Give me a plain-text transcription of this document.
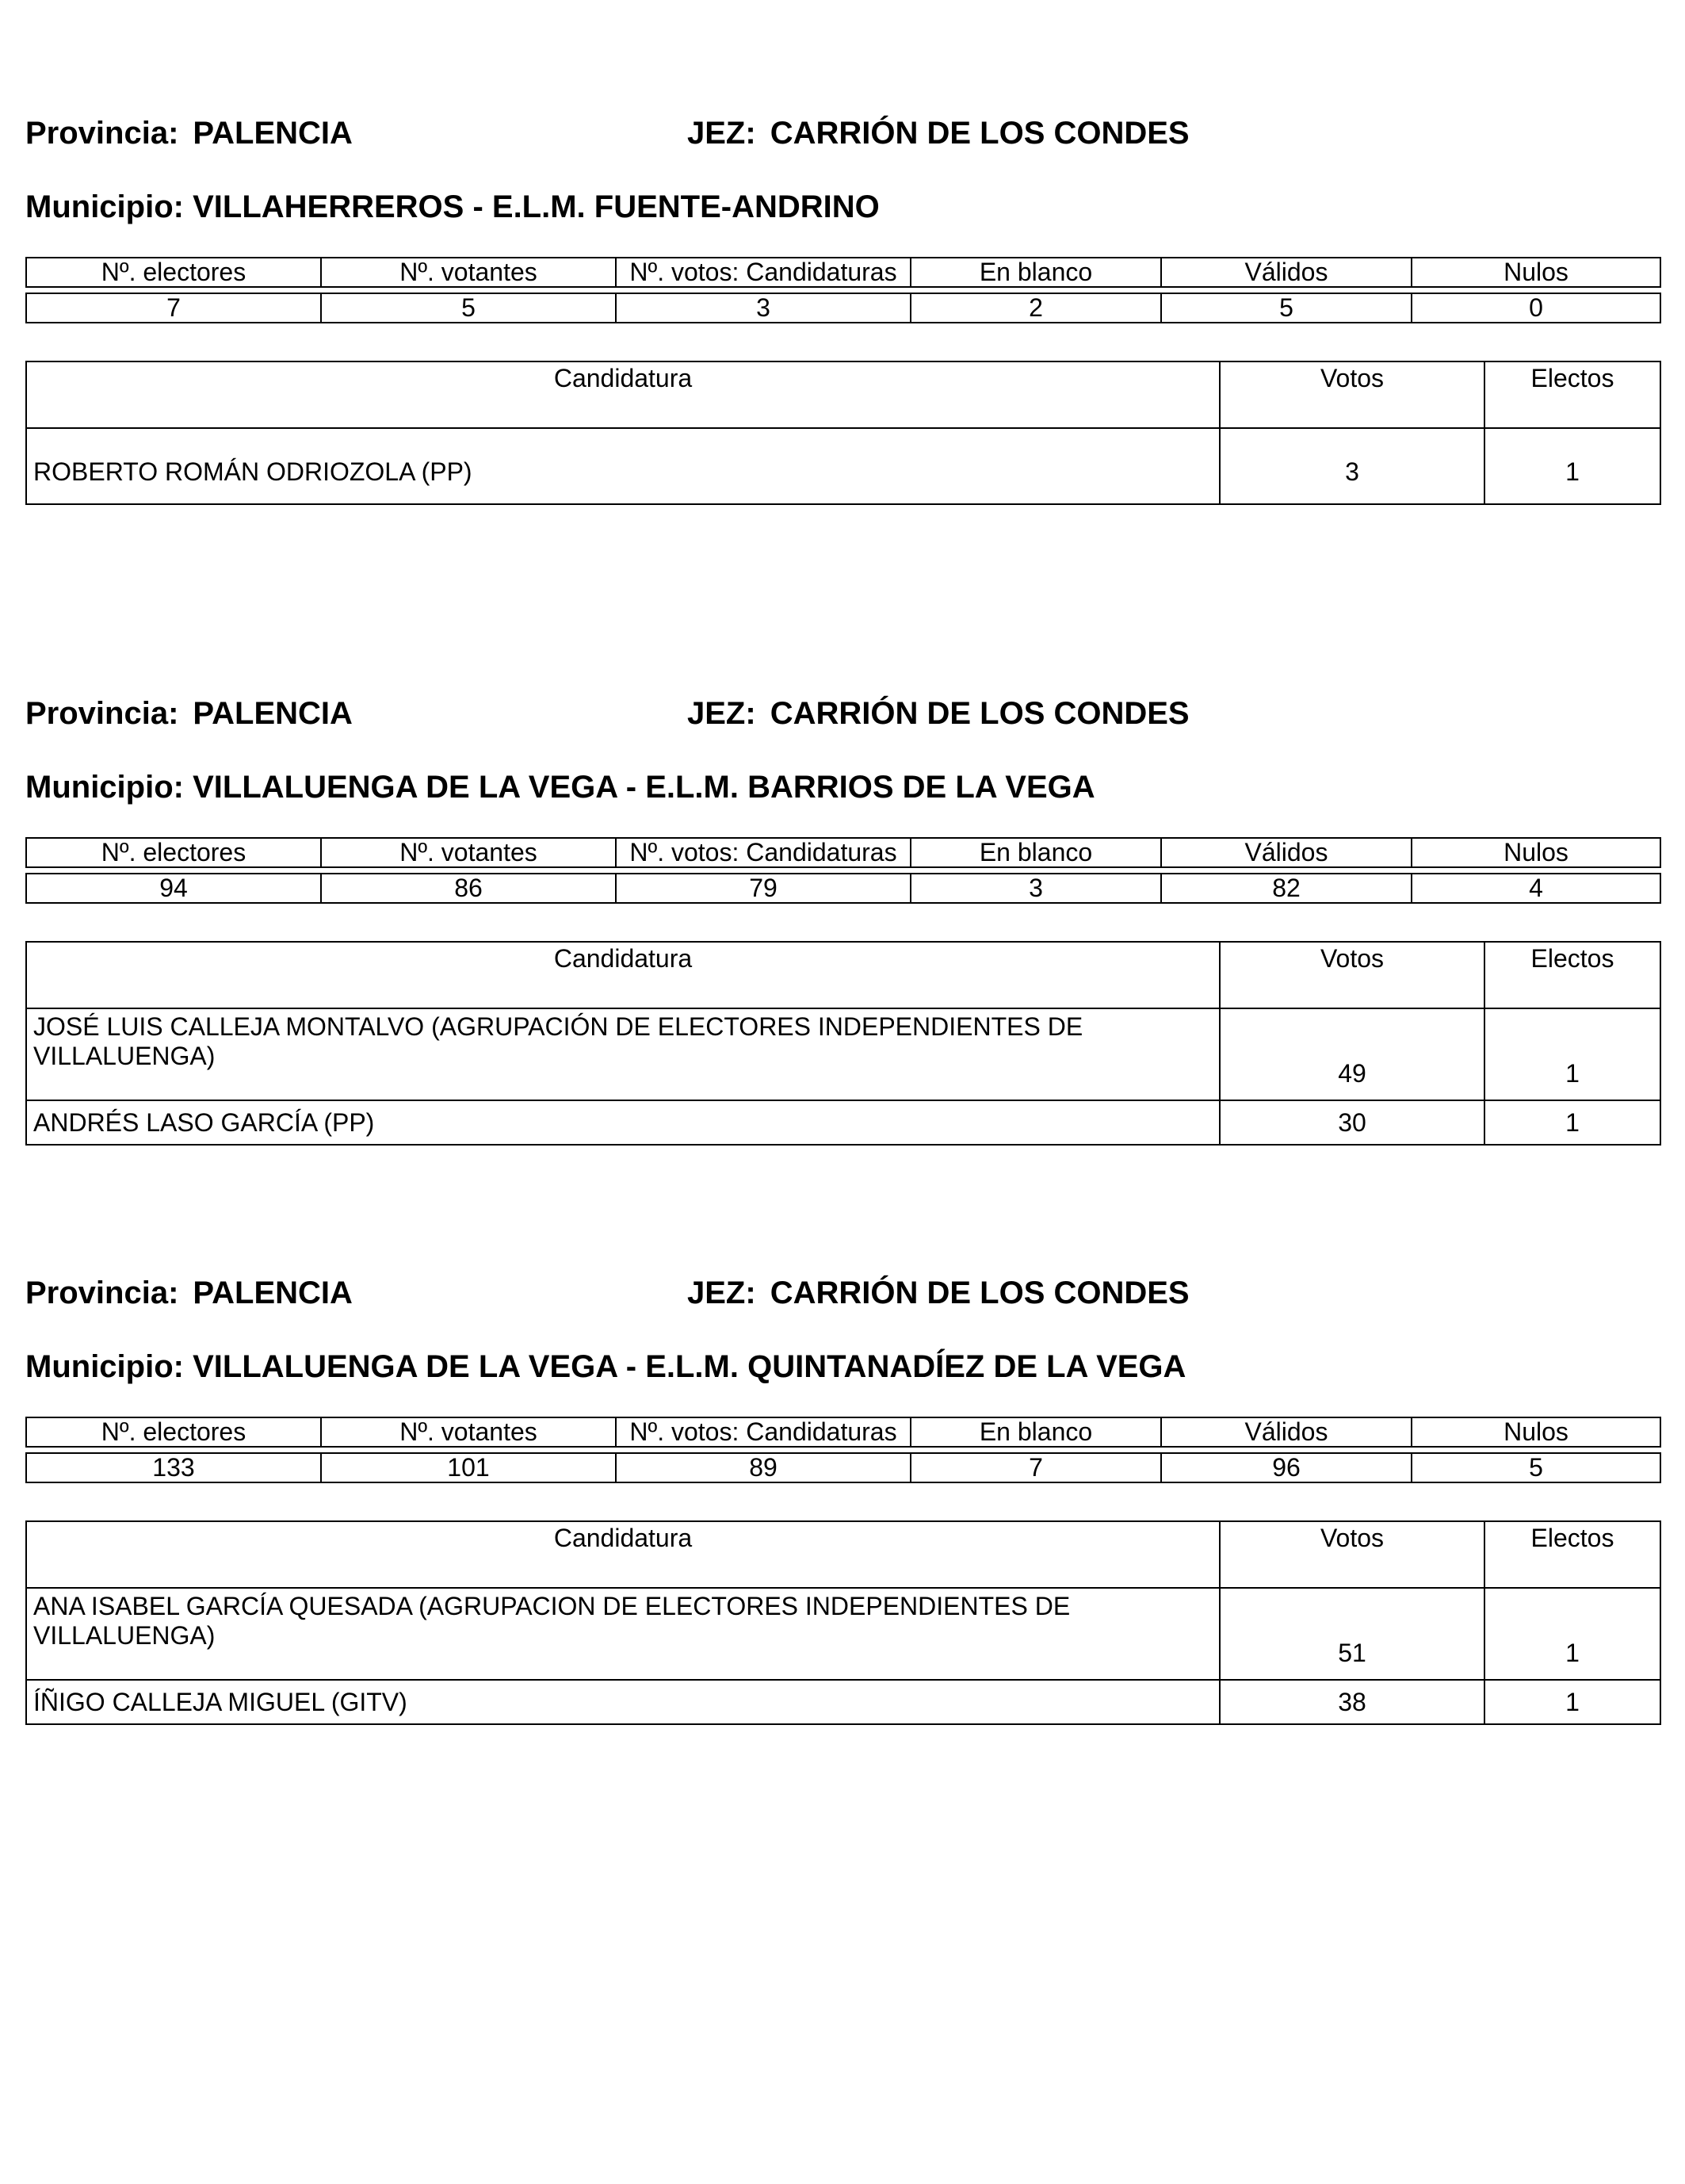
Provincia: PALENCIA	JEZ: CARRIÓN DE LOS CONDES
Municipio: VILLAHERREROS - E.L.M. FUENTE-ANDRINO
Nº. electores	Nº. votantes	Nº. votos: Candidaturas	En blanco	Válidos	Nulos

7	5	3	2	5	0
Candidatura	Votos	Electos
ROBERTO ROMÁN ODRIOZOLA (PP)	3	1
Provincia: PALENCIA	JEZ: CARRIÓN DE LOS CONDES
Municipio: VILLALUENGA DE LA VEGA - E.L.M. BARRIOS DE LA VEGA
Nº. electores	Nº. votantes	Nº. votos: Candidaturas	En blanco	Válidos	Nulos

94	86	79	3	82	4
Candidatura	Votos	Electos
JOSÉ LUIS CALLEJA MONTALVO (AGRUPACIÓN DE ELECTORES INDEPENDIENTES DE VILLALUENGA)	49	1
ANDRÉS LASO GARCÍA (PP)	30	1
Provincia: PALENCIA	JEZ: CARRIÓN DE LOS CONDES
Municipio: VILLALUENGA DE LA VEGA - E.L.M. QUINTANADÍEZ DE LA VEGA
Nº. electores	Nº. votantes	Nº. votos: Candidaturas	En blanco	Válidos	Nulos

133	101	89	7	96	5
Candidatura	Votos	Electos
ANA ISABEL GARCÍA QUESADA (AGRUPACION DE ELECTORES INDEPENDIENTES DE VILLALUENGA)	51	1
ÍÑIGO CALLEJA MIGUEL (GITV)	38	1
